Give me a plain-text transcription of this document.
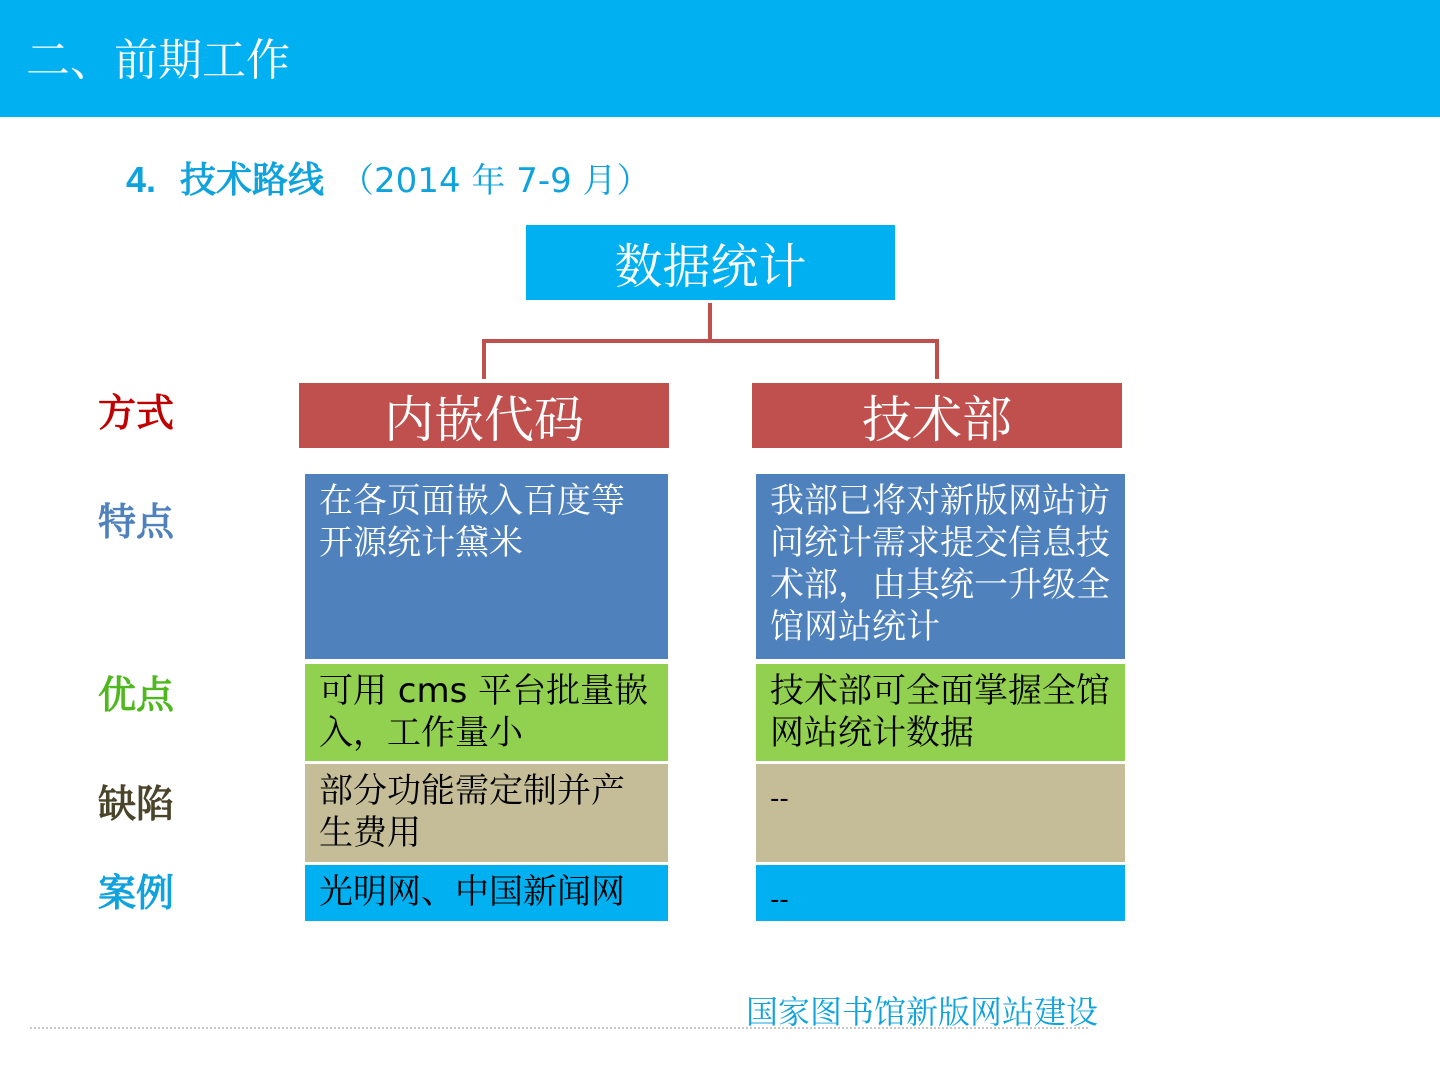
二、前期工作
4. 技术路线 （2014 年 7-9 月）
数据统计
内嵌代码	技术部
方式
特点
优点
缺陷
案例
在各页面嵌入百度等开源统计黛米
可用 cms 平台批量嵌入，工作量小
部分功能需定制并产生费用
光明网、中国新闻网
我部已将对新版网站访问统计需求提交信息技术部，由其统一升级全馆网站统计
技术部可全面掌握全馆网站统计数据
--
--
国家图书馆新版网站建设
